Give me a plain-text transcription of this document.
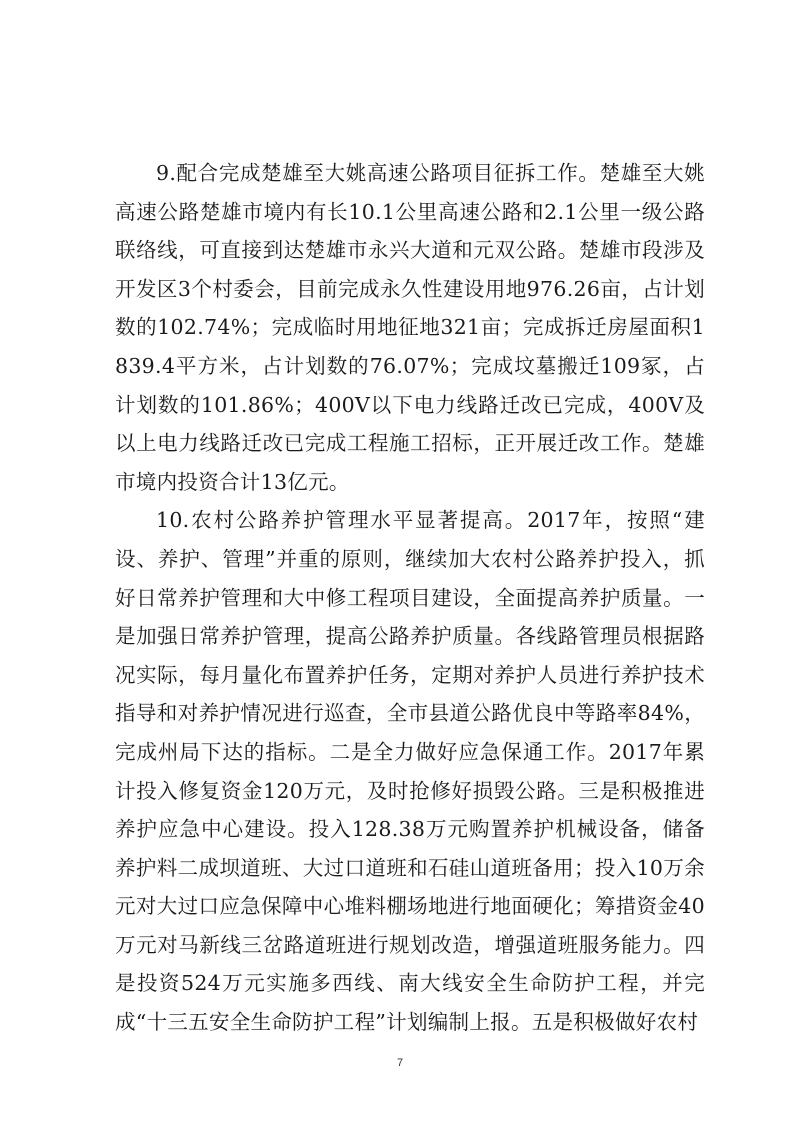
9.配合完成楚雄至大姚高速公路项目征拆工作。楚雄至大姚高速公路楚雄市境内有长10.1公里高速公路和2.1公里一级公路联络线，可直接到达楚雄市永兴大道和元双公路。楚雄市段涉及开发区3个村委会，目前完成永久性建设用地976.26亩，占计划数的102.74%；完成临时用地征地321亩；完成拆迁房屋面积1839.4平方米，占计划数的76.07%；完成坟墓搬迁109冢，占计划数的101.86%；400V以下电力线路迁改已完成，400V及以上电力线路迁改已完成工程施工招标，正开展迁改工作。楚雄市境内投资合计13亿元。

10.农村公路养护管理水平显著提高。2017年，按照“建设、养护、管理”并重的原则，继续加大农村公路养护投入，抓好日常养护管理和大中修工程项目建设，全面提高养护质量。一是加强日常养护管理，提高公路养护质量。各线路管理员根据路况实际，每月量化布置养护任务，定期对养护人员进行养护技术指导和对养护情况进行巡查，全市县道公路优良中等路率84%，完成州局下达的指标。二是全力做好应急保通工作。2017年累计投入修复资金120万元，及时抢修好损毁公路。三是积极推进养护应急中心建设。投入128.38万元购置养护机械设备，储备养护料二成坝道班、大过口道班和石硅山道班备用；投入10万余元对大过口应急保障中心堆料棚场地进行地面硬化；筹措资金40万元对马新线三岔路道班进行规划改造，增强道班服务能力。四是投资524万元实施多西线、南大线安全生命防护工程，并完成“十三五安全生命防护工程”计划编制上报。五是积极做好农村

7
